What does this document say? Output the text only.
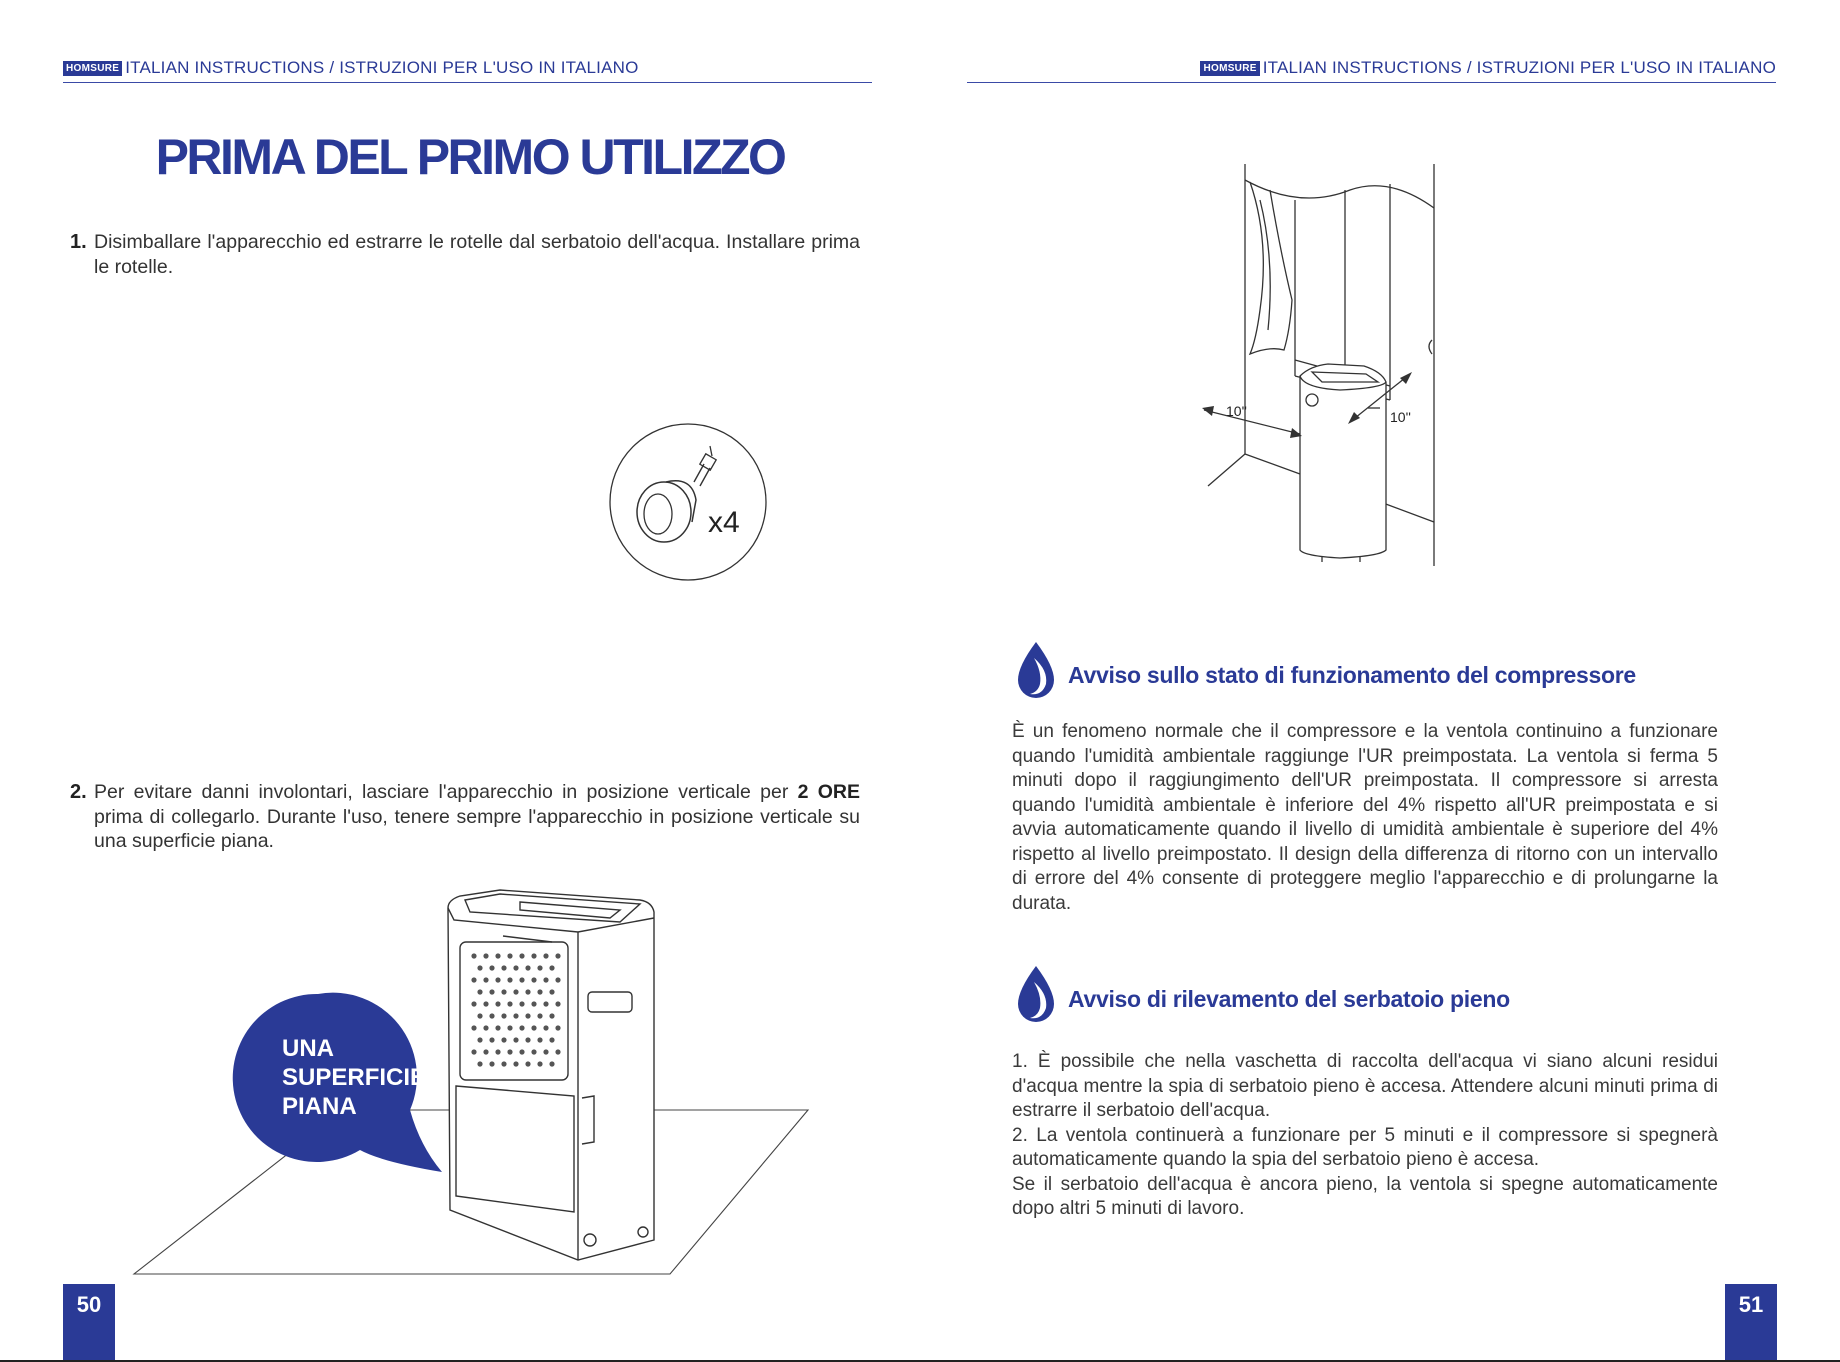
HOMSURE ITALIAN INSTRUCTIONS / ISTRUZIONI PER L'USO IN ITALIANO
PRIMA DEL PRIMO UTILIZZO
1. Disimballare l'apparecchio ed estrarre le rotelle dal serbatoio dell'acqua. Installare prima le rotelle.
x4
2. Per evitare danni involontari, lasciare l'apparecchio in posizione verticale per 2 ORE prima di collegarlo. Durante l'uso, tenere sempre l'apparecchio in posizione verticale su una superficie piana.
UNA
SUPERFICIE
PIANA
50
HOMSURE ITALIAN INSTRUCTIONS / ISTRUZIONI PER L'USO IN ITALIANO
10''	10''
Avviso sullo stato di funzionamento del compressore

È un fenomeno normale che il compressore e la ventola continuino a funzionare quando l'umidità ambientale raggiunge l'UR preimpostata. La ventola si ferma 5 minuti dopo il raggiungimento dell'UR preimpostata. Il compressore si arresta quando l'umidità ambientale è inferiore del 4% rispetto all'UR preimpostata e si avvia automaticamente quando il livello di umidità ambientale è superiore del 4% rispetto al livello preimpostato. Il design della differenza di ritorno con un intervallo di errore del 4% consente di proteggere meglio l'apparecchio e di prolungarne la durata.

Avviso di rilevamento del serbatoio pieno

1. È possibile che nella vaschetta di raccolta dell'acqua vi siano alcuni residui d'acqua mentre la spia di serbatoio pieno è accesa. Attendere alcuni minuti prima di estrarre il serbatoio dell'acqua.

2. La ventola continuerà a funzionare per 5 minuti e il compressore si spegnerà automaticamente quando la spia del serbatoio pieno è accesa.

Se il serbatoio dell'acqua è ancora pieno, la ventola si spegne automaticamente dopo altri 5 minuti di lavoro.

51
